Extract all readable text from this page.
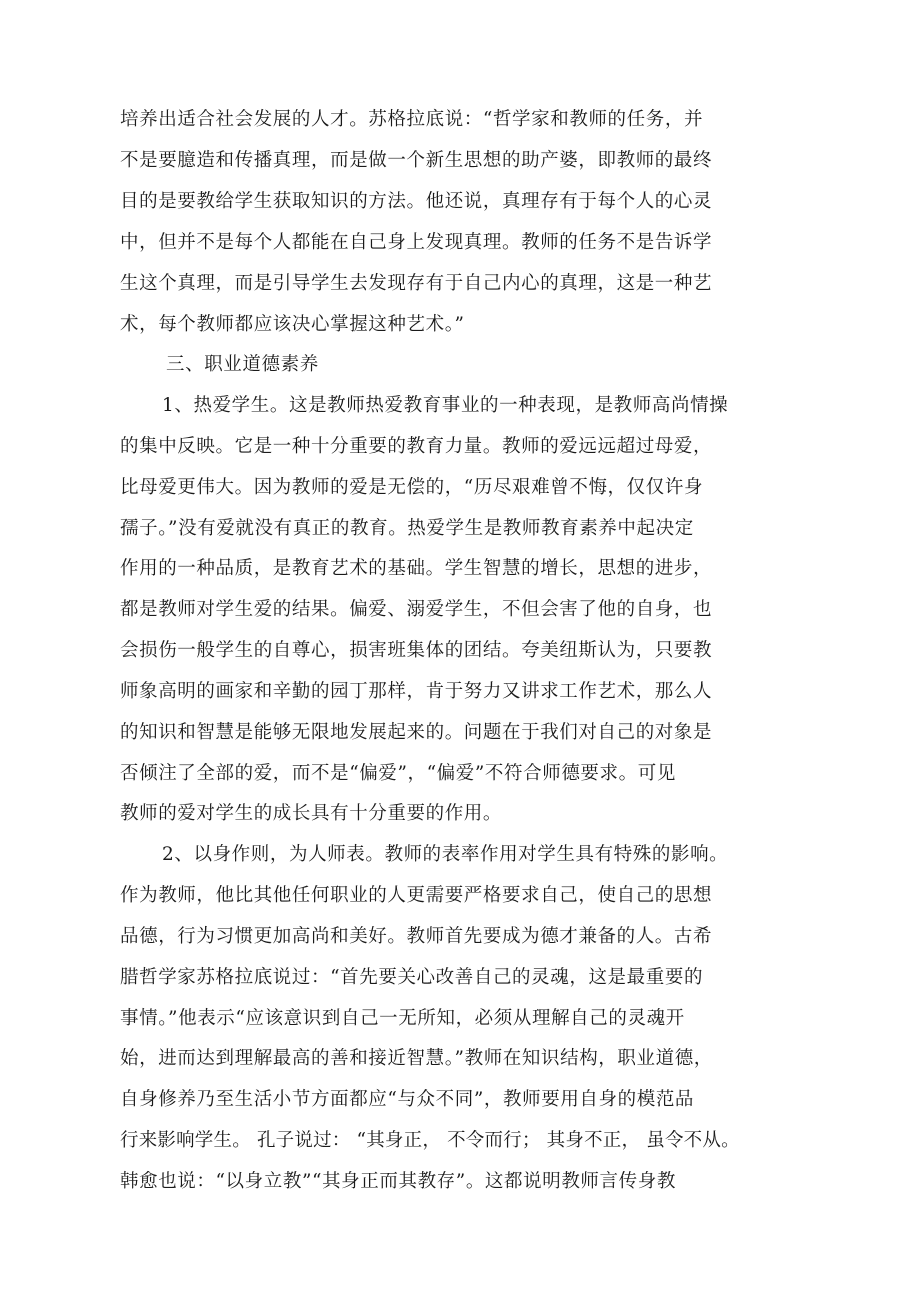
培养出适合社会发展的人才。苏格拉底说：“哲学家和教师的任务，并
不是要臆造和传播真理，而是做一个新生思想的助产婆，即教师的最终
目的是要教给学生获取知识的方法。他还说，真理存有于每个人的心灵
中，但并不是每个人都能在自己身上发现真理。教师的任务不是告诉学
生这个真理，而是引导学生去发现存有于自己内心的真理，这是一种艺
术，每个教师都应该决心掌握这种艺术。”
三、职业道德素养
1、热爱学生。这是教师热爱教育事业的一种表现，是教师高尚情操
的集中反映。它是一种十分重要的教育力量。教师的爱远远超过母爱，
比母爱更伟大。因为教师的爱是无偿的，“历尽艰难曾不悔，仅仅许身
孺子。”没有爱就没有真正的教育。热爱学生是教师教育素养中起决定
作用的一种品质，是教育艺术的基础。学生智慧的增长，思想的进步，
都是教师对学生爱的结果。偏爱、溺爱学生，不但会害了他的自身，也
会损伤一般学生的自尊心，损害班集体的团结。夸美纽斯认为，只要教
师象高明的画家和辛勤的园丁那样，肯于努力又讲求工作艺术，那么人
的知识和智慧是能够无限地发展起来的。问题在于我们对自己的对象是
否倾注了全部的爱，而不是“偏爱”，“偏爱”不符合师德要求。可见
教师的爱对学生的成长具有十分重要的作用。
2、以身作则，为人师表。教师的表率作用对学生具有特殊的影响。
作为教师，他比其他任何职业的人更需要严格要求自己，使自己的思想
品德，行为习惯更加高尚和美好。教师首先要成为德才兼备的人。古希
腊哲学家苏格拉底说过：“首先要关心改善自己的灵魂，这是最重要的
事情。”他表示“应该意识到自己一无所知，必须从理解自己的灵魂开
始，进而达到理解最高的善和接近智慧。”教师在知识结构，职业道德，
自身修养乃至生活小节方面都应“与众不同”，教师要用自身的模范品
行来影响学生。 孔子说过： “其身正， 不令而行； 其身不正， 虽令不从。
韩愈也说：“以身立教”“其身正而其教存”。这都说明教师言传身教
